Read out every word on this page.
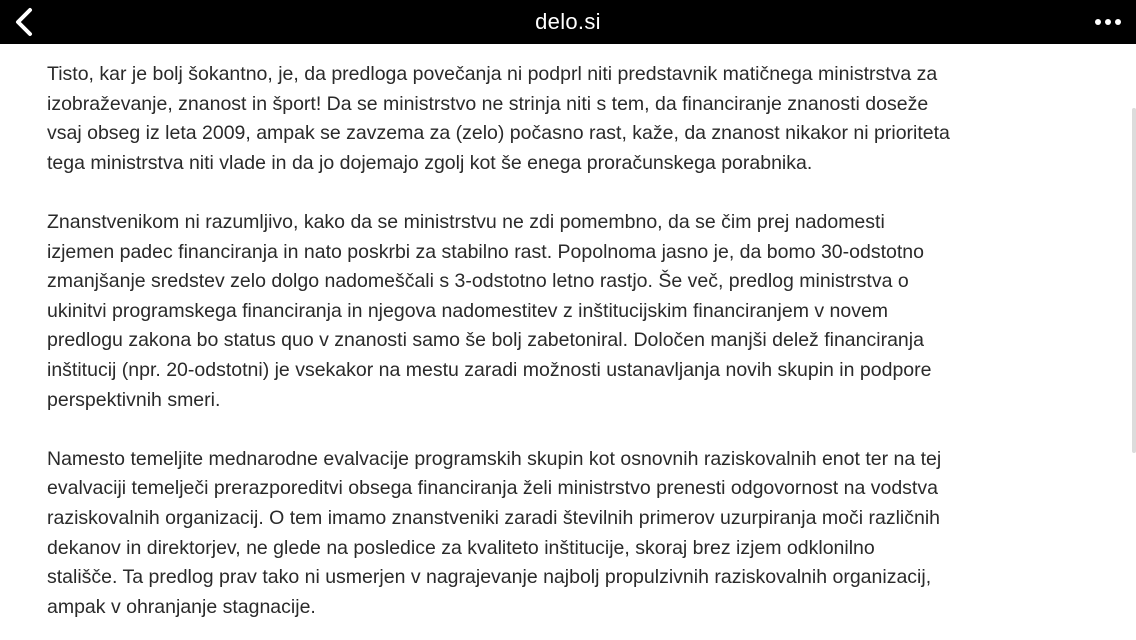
delo.si

Tisto, kar je bolj šokantno, je, da predloga povečanja ni podprl niti predstavnik matičnega ministrstva za
izobraževanje, znanost in šport! Da se ministrstvo ne strinja niti s tem, da financiranje znanosti doseže
vsaj obseg iz leta 2009, ampak se zavzema za (zelo) počasno rast, kaže, da znanost nikakor ni prioriteta
tega ministrstva niti vlade in da jo dojemajo zgolj kot še enega proračunskega porabnika.

Znanstvenikom ni razumljivo, kako da se ministrstvu ne zdi pomembno, da se čim prej nadomesti
izjemen padec financiranja in nato poskrbi za stabilno rast. Popolnoma jasno je, da bomo 30-odstotno
zmanjšanje sredstev zelo dolgo nadomeščali s 3-odstotno letno rastjo. Še več, predlog ministrstva o
ukinitvi programskega financiranja in njegova nadomestitev z inštitucijskim financiranjem v novem
predlogu zakona bo status quo v znanosti samo še bolj zabetoniral. Določen manjši delež financiranja
inštitucij (npr. 20-odstotni) je vsekakor na mestu zaradi možnosti ustanavljanja novih skupin in podpore
perspektivnih smeri.

Namesto temeljite mednarodne evalvacije programskih skupin kot osnovnih raziskovalnih enot ter na tej
evalvaciji temelječi prerazporeditvi obsega financiranja želi ministrstvo prenesti odgovornost na vodstva
raziskovalnih organizacij. O tem imamo znanstveniki zaradi številnih primerov uzurpiranja moči različnih
dekanov in direktorjev, ne glede na posledice za kvaliteto inštitucije, skoraj brez izjem odklonilno
stališče. Ta predlog prav tako ni usmerjen v nagrajevanje najbolj propulzivnih raziskovalnih organizacij,
ampak v ohranjanje stagnacije.
